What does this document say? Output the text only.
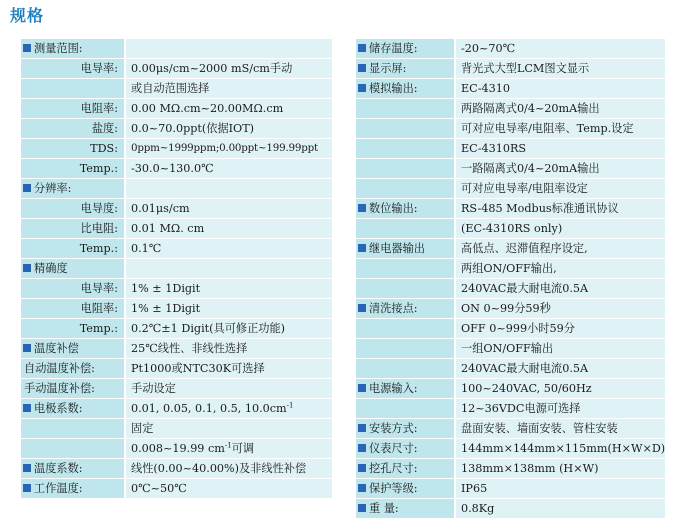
规格
测量范围:
电导率:	0.00μs/cm~2000 mS/cm手动
或自动范围选择
电阻率:	0.00 MΩ.cm~20.00MΩ.cm
盐度:	0.0~70.0ppt(依据IOT)
TDS:	0ppm~1999ppm;0.00ppt~199.99ppt
Temp.:	-30.0~130.0℃
分辨率:
电导度:	0.01μs/cm
比电阻:	0.01 MΩ. cm
Temp.:	0.1℃
精确度
电导率:	1% ± 1Digit
电阻率:	1% ± 1Digit
Temp.:	0.2℃±1 Digit(具可修正功能)
温度补偿	25℃线性、非线性选择
自动温度补偿:	Pt1000或NTC30K可选择
手动温度补偿:	手动设定
电极系数:	0.01, 0.05, 0.1, 0.5, $10.0cm^{-1}$
固定
0.008~19.99 $cm^{-1}$可调
温度系数:	线性(0.00~40.00%)及非线性补偿
工作温度:	0℃~50℃
储存温度:	-20~70℃
显示屏:	背光式大型LCM图文显示
模拟输出:	EC-4310
两路隔离式0/4~20mA输出
可对应电导率/电阻率、Temp.设定
EC-4310RS
一路隔离式0/4~20mA输出
可对应电导率/电阻率设定
数位输出:	RS-485 Modbus标准通讯协议
(EC-4310RS only)
继电器输出	高低点、迟滞值程序设定,
两组ON/OFF输出,
240VAC最大耐电流0.5A
清洗接点:	ON 0~99分59秒
OFF 0~999小时59分
一组ON/OFF输出
240VAC最大耐电流0.5A
电源输入:	100~240VAC, 50/60Hz
12~36VDC电源可选择
安装方式:	盘面安装、墙面安装、管柱安装
仪表尺寸:	144mm×144mm×115mm(H×W×D)
挖孔尺寸:	138mm×138mm (H×W)
保护等级:	IP65
重 量:	0.8Kg
